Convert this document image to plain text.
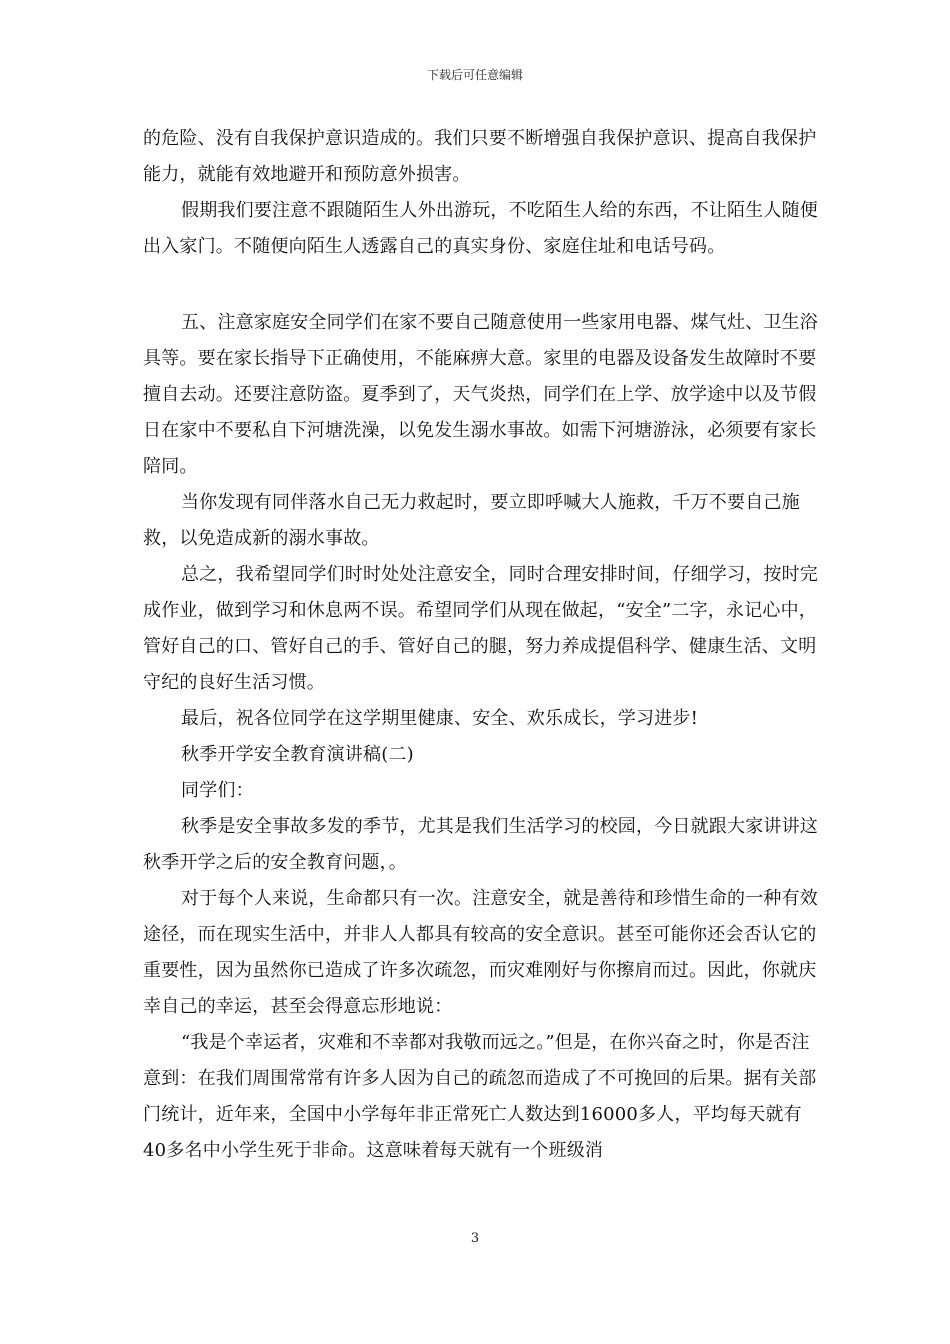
下载后可任意编辑

的危险、没有自我保护意识造成的。我们只要不断增强自我保护意识、提高自我保护能力，就能有效地避开和预防意外损害。

假期我们要注意不跟随陌生人外出游玩，不吃陌生人给的东西，不让陌生人随便出入家门。不随便向陌生人透露自己的真实身份、家庭住址和电话号码。

五、注意家庭安全同学们在家不要自己随意使用一些家用电器、煤气灶、卫生浴具等。要在家长指导下正确使用，不能麻痹大意。家里的电器及设备发生故障时不要擅自去动。还要注意防盗。夏季到了，天气炎热，同学们在上学、放学途中以及节假日在家中不要私自下河塘洗澡，以免发生溺水事故。如需下河塘游泳，必须要有家长陪同。

当你发现有同伴落水自己无力救起时，要立即呼喊大人施救，千万不要自己施救，以免造成新的溺水事故。

总之，我希望同学们时时处处注意安全，同时合理安排时间，仔细学习，按时完成作业，做到学习和休息两不误。希望同学们从现在做起，“安全”二字，永记心中，管好自己的口、管好自己的手、管好自己的腿，努力养成提倡科学、健康生活、文明守纪的良好生活习惯。

最后，祝各位同学在这学期里健康、安全、欢乐成长，学习进步!

秋季开学安全教育演讲稿(二)

同学们：

秋季是安全事故多发的季节，尤其是我们生活学习的校园，今日就跟大家讲讲这秋季开学之后的安全教育问题，。

对于每个人来说，生命都只有一次。注意安全，就是善待和珍惜生命的一种有效途径，而在现实生活中，并非人人都具有较高的安全意识。甚至可能你还会否认它的重要性，因为虽然你已造成了许多次疏忽，而灾难刚好与你擦肩而过。因此，你就庆幸自己的幸运，甚至会得意忘形地说：

“我是个幸运者，灾难和不幸都对我敬而远之。”但是，在你兴奋之时，你是否注意到：在我们周围常常有许多人因为自己的疏忽而造成了不可挽回的后果。据有关部门统计，近年来，全国中小学每年非正常死亡人数达到16000多人，平均每天就有40多名中小学生死于非命。这意味着每天就有一个班级消

3
